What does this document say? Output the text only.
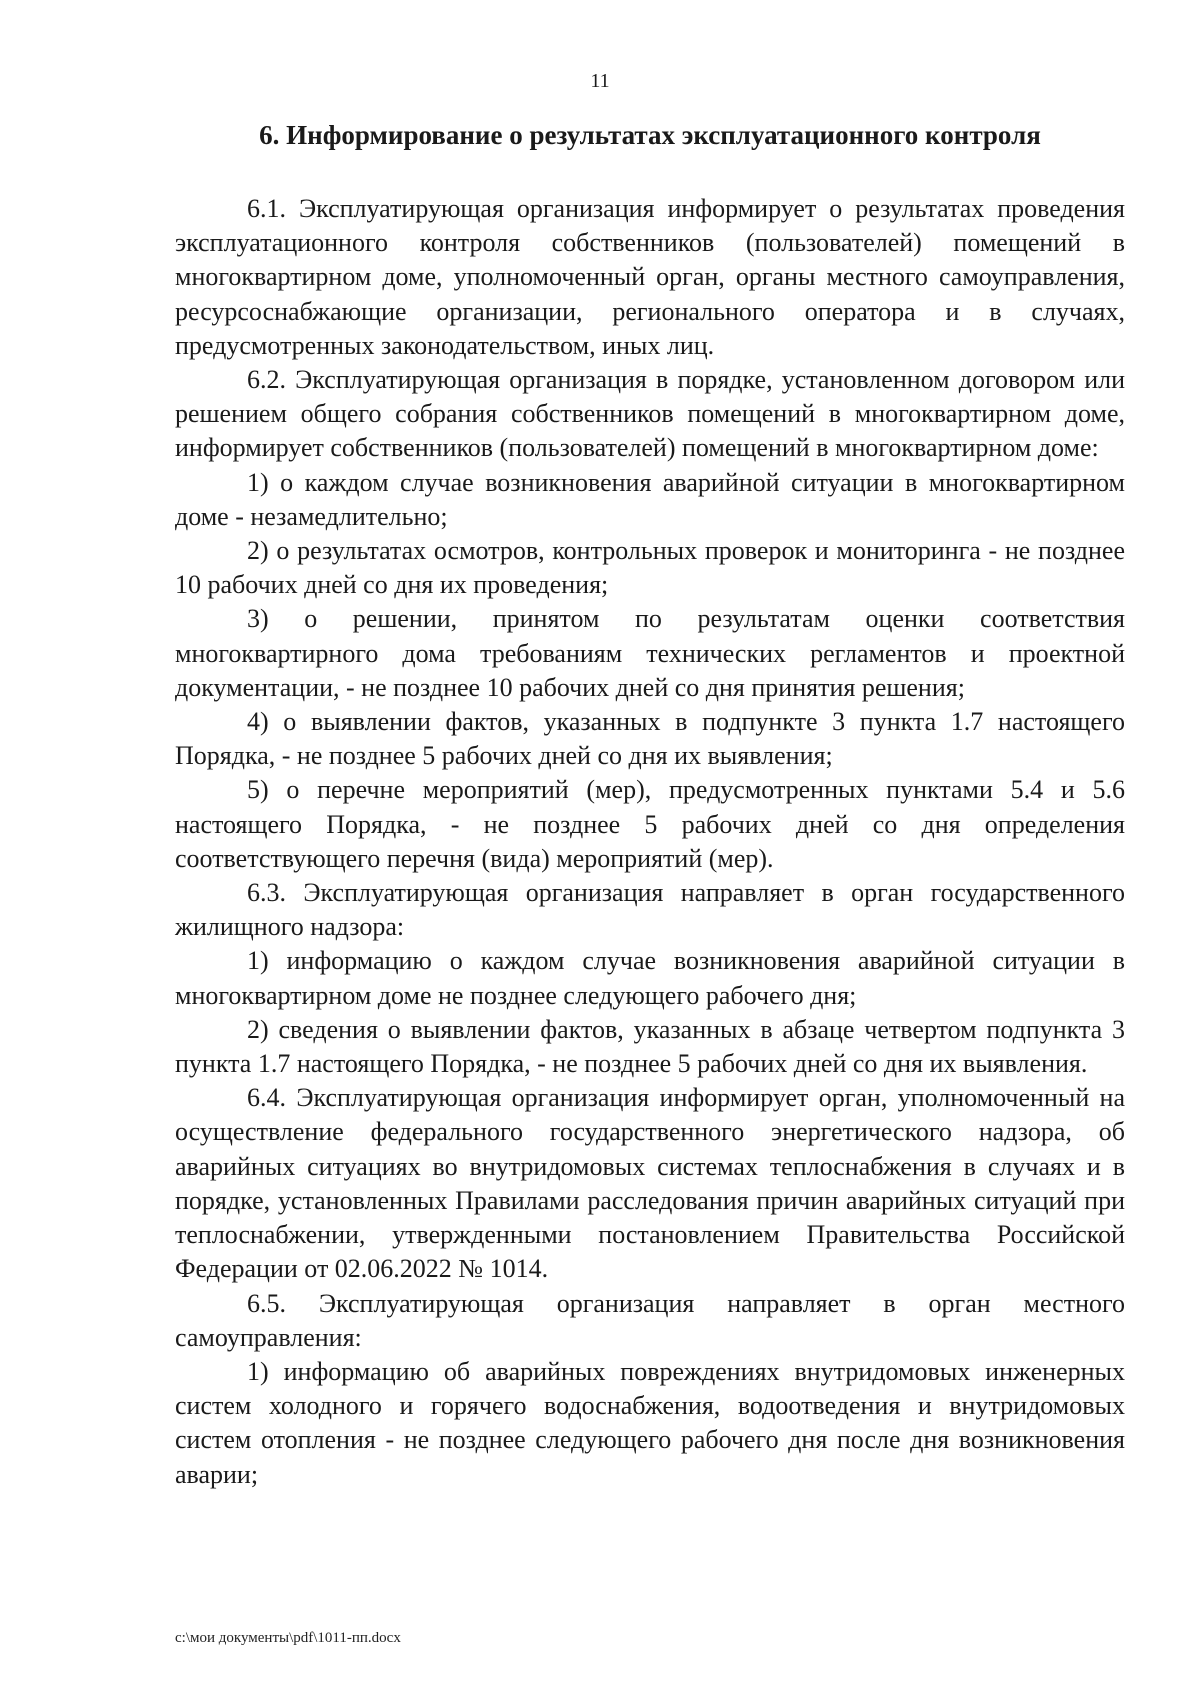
11
6. Информирование о результатах эксплуатационного контроля

6.1. Эксплуатирующая организация информирует о результатах проведения эксплуатационного контроля собственников (пользователей) помещений в многоквартирном доме, уполномоченный орган, органы местного самоуправления, ресурсоснабжающие организации, регионального оператора и в случаях, предусмотренных законодательством, иных лиц.

6.2. Эксплуатирующая организация в порядке, установленном договором или решением общего собрания собственников помещений в многоквартирном доме, информирует собственников (пользователей) помещений в многоквартирном доме:

1) о каждом случае возникновения аварийной ситуации в многоквартирном доме - незамедлительно;

2) о результатах осмотров, контрольных проверок и мониторинга - не позднее 10 рабочих дней со дня их проведения;

3) о решении, принятом по результатам оценки соответствия многоквартирного дома требованиям технических регламентов и проектной документации, - не позднее 10 рабочих дней со дня принятия решения;

4) о выявлении фактов, указанных в подпункте 3 пункта 1.7 настоящего Порядка, - не позднее 5 рабочих дней со дня их выявления;

5) о перечне мероприятий (мер), предусмотренных пунктами 5.4 и 5.6 настоящего Порядка, - не позднее 5 рабочих дней со дня определения соответствующего перечня (вида) мероприятий (мер).

6.3. Эксплуатирующая организация направляет в орган государственного жилищного надзора:

1) информацию о каждом случае возникновения аварийной ситуации в многоквартирном доме не позднее следующего рабочего дня;

2) сведения о выявлении фактов, указанных в абзаце четвертом подпункта 3 пункта 1.7 настоящего Порядка, - не позднее 5 рабочих дней со дня их выявления.

6.4. Эксплуатирующая организация информирует орган, уполномоченный на осуществление федерального государственного энергетического надзора, об аварийных ситуациях во внутридомовых системах теплоснабжения в случаях и в порядке, установленных Правилами расследования причин аварийных ситуаций при теплоснабжении, утвержденными постановлением Правительства Российской Федерации от 02.06.2022 № 1014.

6.5. Эксплуатирующая организация направляет в орган местного самоуправления:

1) информацию об аварийных повреждениях внутридомовых инженерных систем холодного и горячего водоснабжения, водоотведения и внутридомовых систем отопления - не позднее следующего рабочего дня после дня возникновения аварии;

c:\мои документы\pdf\1011-пп.docx
